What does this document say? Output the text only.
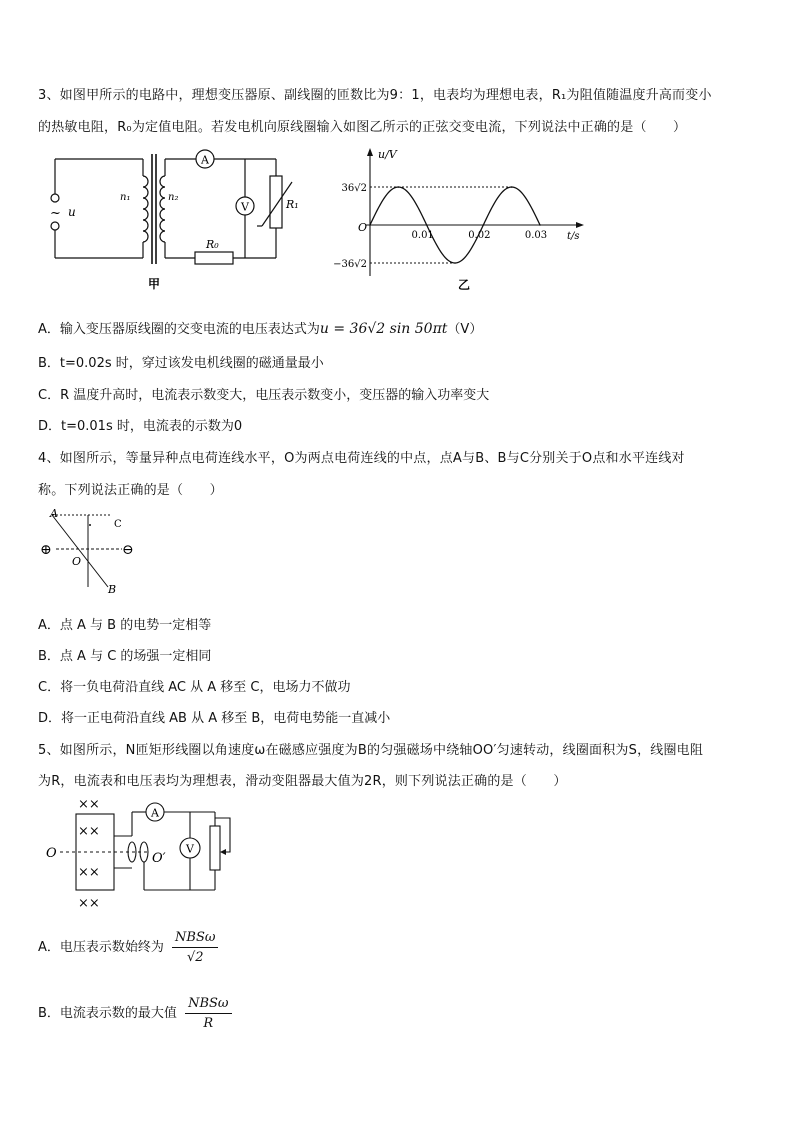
3、如图甲所示的电路中，理想变压器原、副线圈的匝数比为9：1，电表均为理想电表，R₁为阻值随温度升高而变小
的热敏电阻，R₀为定值电阻。若发电机向原线圈输入如图乙所示的正弦交变电流，下列说法中正确的是（　　）
A
V
~ u
n₁	n₂
R₁
R₀
甲
36√2
−36√2
0.01	0.02	0.03
u/V
t/s
O
乙
A．输入变压器原线圈的交变电流的电压表达式为u = 36√2 sin 50πt（V）
B．t=0.02s 时，穿过该发电机线圈的磁通量最小
C．R 温度升高时，电流表示数变大，电压表示数变小，变压器的输入功率变大
D．t=0.01s 时，电流表的示数为0
4、如图所示，等量异种点电荷连线水平，O为两点电荷连线的中点，点A与B、B与C分别关于O点和水平连线对
称。下列说法正确的是（　　）
⊕	⊖
A
C
O
B
A．点 A 与 B 的电势一定相等
B．点 A 与 C 的场强一定相同
C．将一负电荷沿直线 AC 从 A 移至 C，电场力不做功
D．将一正电荷沿直线 AB 从 A 移至 B，电荷电势能一直减小
5、如图所示，N匝矩形线圈以角速度ω在磁感应强度为B的匀强磁场中绕轴OO′匀速转动，线圈面积为S，线圈电阻
为R，电流表和电压表均为理想表，滑动变阻器最大值为2R，则下列说法正确的是（　　）
××
××
××
××
A
V
O	O′
A．电压表示数始终为 $\frac{\text{NBSω}}{√2}$
B．电流表示数的最大值 $\frac{\text{NBSω}}{R}$
